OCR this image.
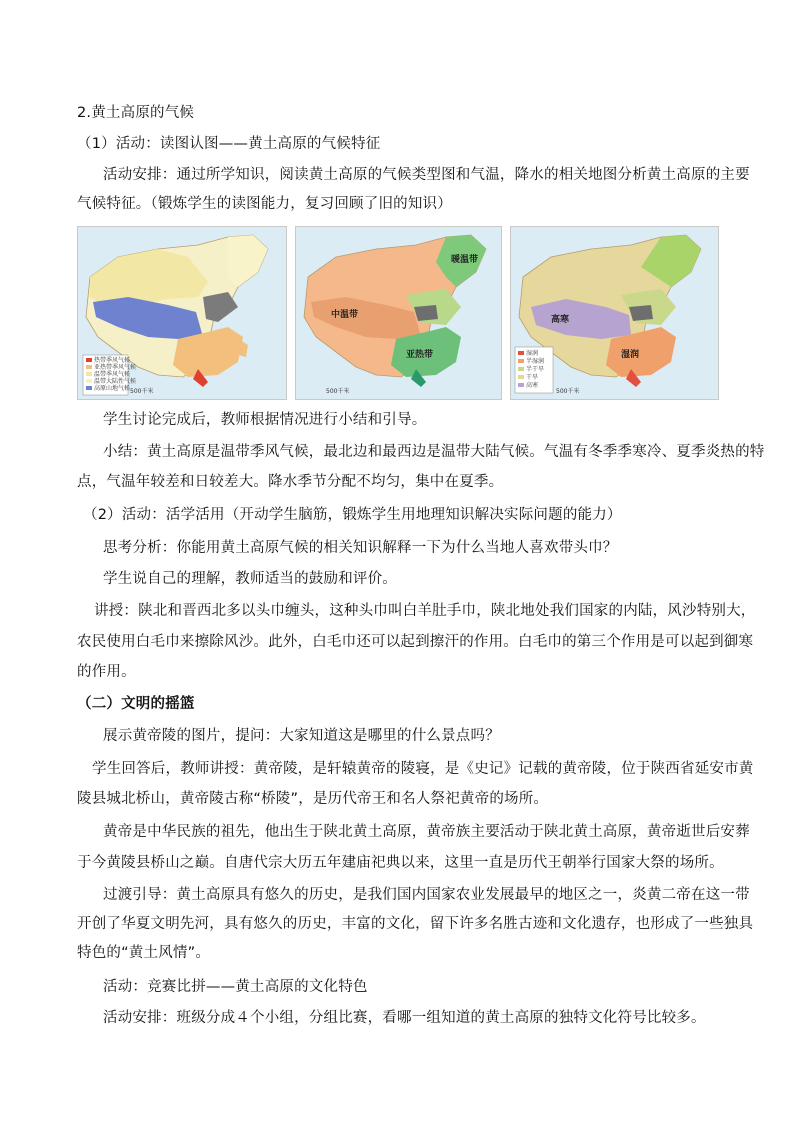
2.黄土高原的气候
（1）活动：读图认图——黄土高原的气候特征
活动安排：通过所学知识，阅读黄土高原的气候类型图和气温，降水的相关地图分析黄土高原的主要
气候特征。（锻炼学生的读图能力，复习回顾了旧的知识）
热带季风气候
亚热带季风气候
温带季风气候
温带大陆性气候
高原山地气候 500千米
中温带
暖温带
亚热带
500千米
高寒
湿润
湿润
半湿润
半干旱
干旱
高寒
500千米
学生讨论完成后，教师根据情况进行小结和引导。
小结：黄土高原是温带季风气候，最北边和最西边是温带大陆气候。气温有冬季季寒冷、夏季炎热的特
点，气温年较差和日较差大。降水季节分配不均匀，集中在夏季。
（2）活动：活学活用（开动学生脑筋，锻炼学生用地理知识解决实际问题的能力）
思考分析：你能用黄土高原气候的相关知识解释一下为什么当地人喜欢带头巾？
学生说自己的理解，教师适当的鼓励和评价。
讲授：陕北和晋西北多以头巾缠头，这种头巾叫白羊肚手巾，陕北地处我们国家的内陆，风沙特别大，
农民使用白毛巾来擦除风沙。此外，白毛巾还可以起到擦汗的作用。白毛巾的第三个作用是可以起到御寒
的作用。
（二）文明的摇篮
展示黄帝陵的图片，提问：大家知道这是哪里的什么景点吗？
学生回答后，教师讲授：黄帝陵，是轩辕黄帝的陵寝，是《史记》记载的黄帝陵，位于陕西省延安市黄
陵县城北桥山，黄帝陵古称“桥陵”，是历代帝王和名人祭祀黄帝的场所。
黄帝是中华民族的祖先，他出生于陕北黄土高原，黄帝族主要活动于陕北黄土高原，黄帝逝世后安葬
于今黄陵县桥山之巅。自唐代宗大历五年建庙祀典以来，这里一直是历代王朝举行国家大祭的场所。
过渡引导：黄土高原具有悠久的历史，是我们国内国家农业发展最早的地区之一，炎黄二帝在这一带
开创了华夏文明先河，具有悠久的历史，丰富的文化，留下许多名胜古迹和文化遗存，也形成了一些独具
特色的“黄土风情”。
活动：竞赛比拼——黄土高原的文化特色
活动安排：班级分成４个小组，分组比赛，看哪一组知道的黄土高原的独特文化符号比较多。
